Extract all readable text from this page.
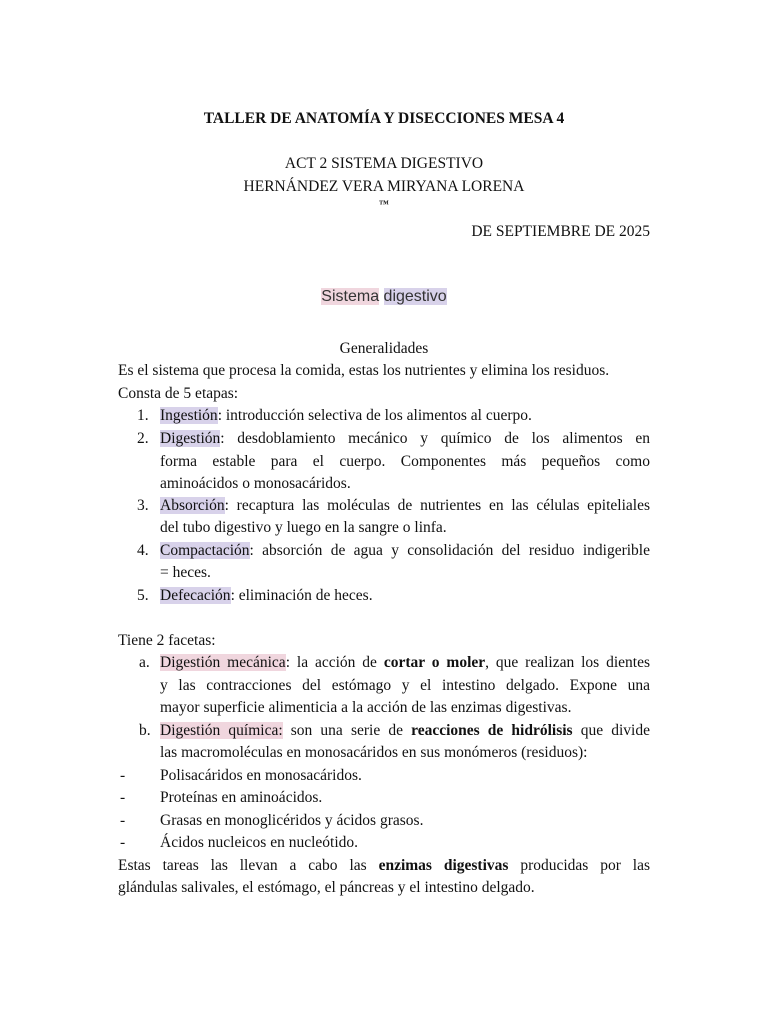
TALLER DE ANATOMÍA Y DISECCIONES MESA 4
ACT 2 SISTEMA DIGESTIVO
HERNÁNDEZ VERA MIRYANA LORENA
™
DE SEPTIEMBRE DE 2025
Sistema digestivo
Generalidades
Es el sistema que procesa la comida, estas los nutrientes y elimina los residuos.
Consta de 5 etapas:
1. Ingestión: introducción selectiva de los alimentos al cuerpo.
2. Digestión: desdoblamiento mecánico y químico de los alimentos en
forma estable para el cuerpo. Componentes más pequeños como
aminoácidos o monosacáridos.
3. Absorción: recaptura las moléculas de nutrientes en las células epiteliales
del tubo digestivo y luego en la sangre o linfa.
4. Compactación: absorción de agua y consolidación del residuo indigerible
= heces.
5. Defecación: eliminación de heces.
Tiene 2 facetas:
a. Digestión mecánica: la acción de cortar o moler, que realizan los dientes
y las contracciones del estómago y el intestino delgado. Expone una
mayor superficie alimenticia a la acción de las enzimas digestivas.
b. Digestión química: son una serie de reacciones de hidrólisis que divide
las macromoléculas en monosacáridos en sus monómeros (residuos):
- Polisacáridos en monosacáridos.
- Proteínas en aminoácidos.
- Grasas en monoglicéridos y ácidos grasos.
- Ácidos nucleicos en nucleótido.
Estas tareas las llevan a cabo las enzimas digestivas producidas por las
glándulas salivales, el estómago, el páncreas y el intestino delgado.
